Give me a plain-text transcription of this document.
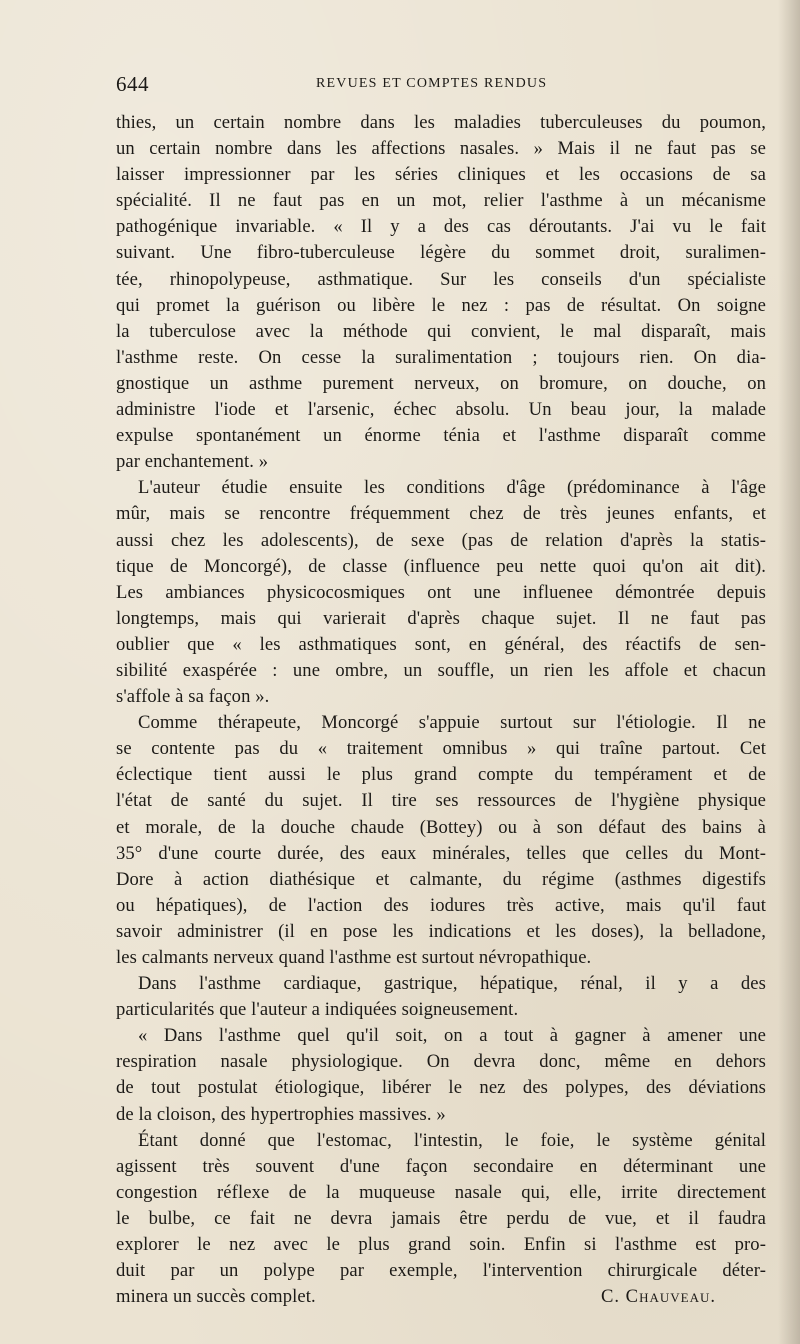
644	REVUES ET COMPTES RENDUS
thies, un certain nombre dans les maladies tuberculeuses du poumon,
un certain nombre dans les affections nasales. » Mais il ne faut pas se
laisser impressionner par les séries cliniques et les occasions de sa
spécialité. Il ne faut pas en un mot, relier l'asthme à un mécanisme
pathogénique invariable. « Il y a des cas déroutants. J'ai vu le fait
suivant. Une fibro-tuberculeuse légère du sommet droit, suralimen-
tée, rhinopolypeuse, asthmatique. Sur les conseils d'un spécialiste
qui promet la guérison ou libère le nez : pas de résultat. On soigne
la tuberculose avec la méthode qui convient, le mal disparaît, mais
l'asthme reste. On cesse la suralimentation ; toujours rien. On dia-
gnostique un asthme purement nerveux, on bromure, on douche, on
administre l'iode et l'arsenic, échec absolu. Un beau jour, la malade
expulse spontanément un énorme ténia et l'asthme disparaît comme
par enchantement. »
L'auteur étudie ensuite les conditions d'âge (prédominance à l'âge
mûr, mais se rencontre fréquemment chez de très jeunes enfants, et
aussi chez les adolescents), de sexe (pas de relation d'après la statis-
tique de Moncorgé), de classe (influence peu nette quoi qu'on ait dit).
Les ambiances physicocosmiques ont une influenee démontrée depuis
longtemps, mais qui varierait d'après chaque sujet. Il ne faut pas
oublier que « les asthmatiques sont, en général, des réactifs de sen-
sibilité exaspérée : une ombre, un souffle, un rien les affole et chacun
s'affole à sa façon ».
Comme thérapeute, Moncorgé s'appuie surtout sur l'étiologie. Il ne
se contente pas du « traitement omnibus » qui traîne partout. Cet
éclectique tient aussi le plus grand compte du tempérament et de
l'état de santé du sujet. Il tire ses ressources de l'hygiène physique
et morale, de la douche chaude (Bottey) ou à son défaut des bains à
35° d'une courte durée, des eaux minérales, telles que celles du Mont-
Dore à action diathésique et calmante, du régime (asthmes digestifs
ou hépatiques), de l'action des iodures très active, mais qu'il faut
savoir administrer (il en pose les indications et les doses), la belladone,
les calmants nerveux quand l'asthme est surtout névropathique.
Dans l'asthme cardiaque, gastrique, hépatique, rénal, il y a des
particularités que l'auteur a indiquées soigneusement.
« Dans l'asthme quel qu'il soit, on a tout à gagner à amener une
respiration nasale physiologique. On devra donc, même en dehors
de tout postulat étiologique, libérer le nez des polypes, des déviations
de la cloison, des hypertrophies massives. »
Étant donné que l'estomac, l'intestin, le foie, le système génital
agissent très souvent d'une façon secondaire en déterminant une
congestion réflexe de la muqueuse nasale qui, elle, irrite directement
le bulbe, ce fait ne devra jamais être perdu de vue, et il faudra
explorer le nez avec le plus grand soin. Enfin si l'asthme est pro-
duit par un polype par exemple, l'intervention chirurgicale déter-
minera un succès complet.	C. Chauveau.
